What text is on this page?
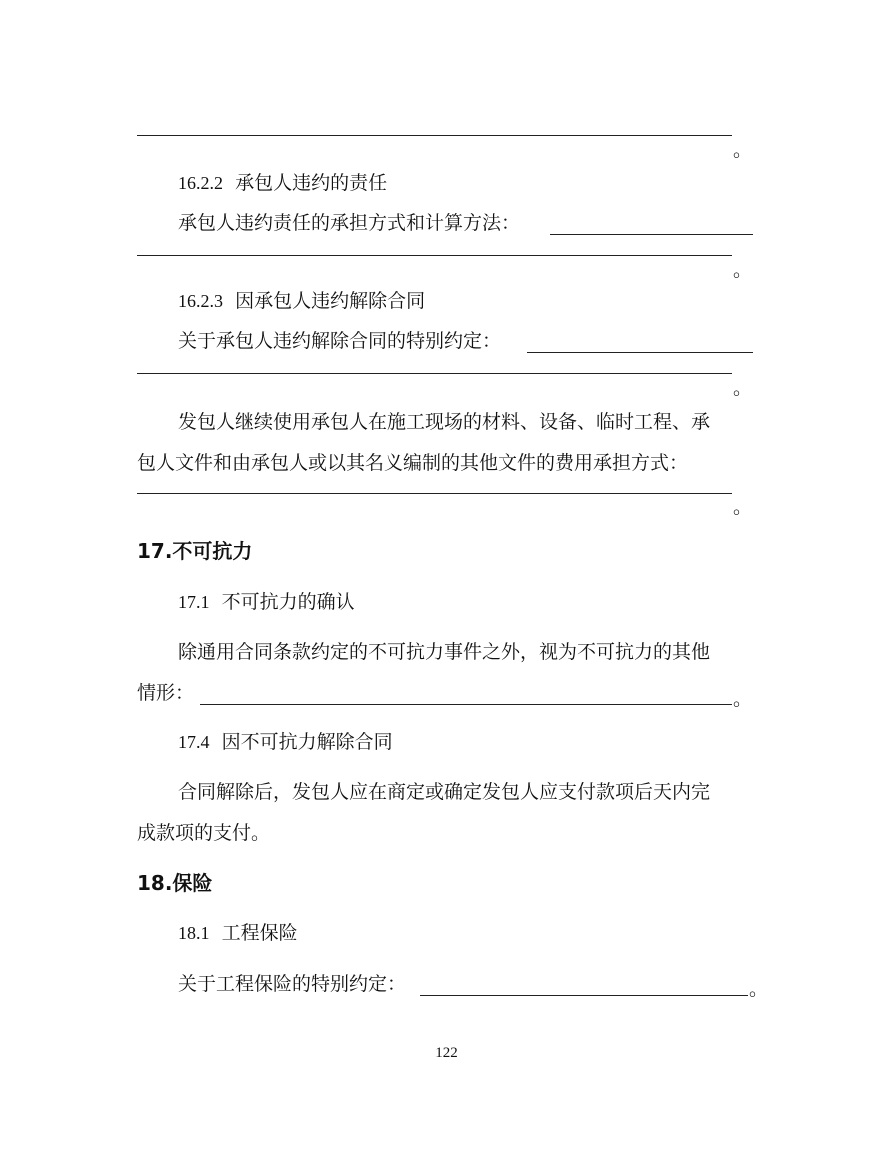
。
16.2.2 承包人违约的责任
承包人违约责任的承担方式和计算方法：
。
16.2.3 因承包人违约解除合同
关于承包人违约解除合同的特别约定：
。
发包人继续使用承包人在施工现场的材料、设备、临时工程、承
包人文件和由承包人或以其名义编制的其他文件的费用承担方式：
。
17.不可抗力
17.1 不可抗力的确认
除通用合同条款约定的不可抗力事件之外，视为不可抗力的其他
情形：	。
17.4 因不可抗力解除合同
合同解除后，发包人应在商定或确定发包人应支付款项后天内完
成款项的支付。
18.保险
18.1 工程保险
关于工程保险的特别约定：	。
122
